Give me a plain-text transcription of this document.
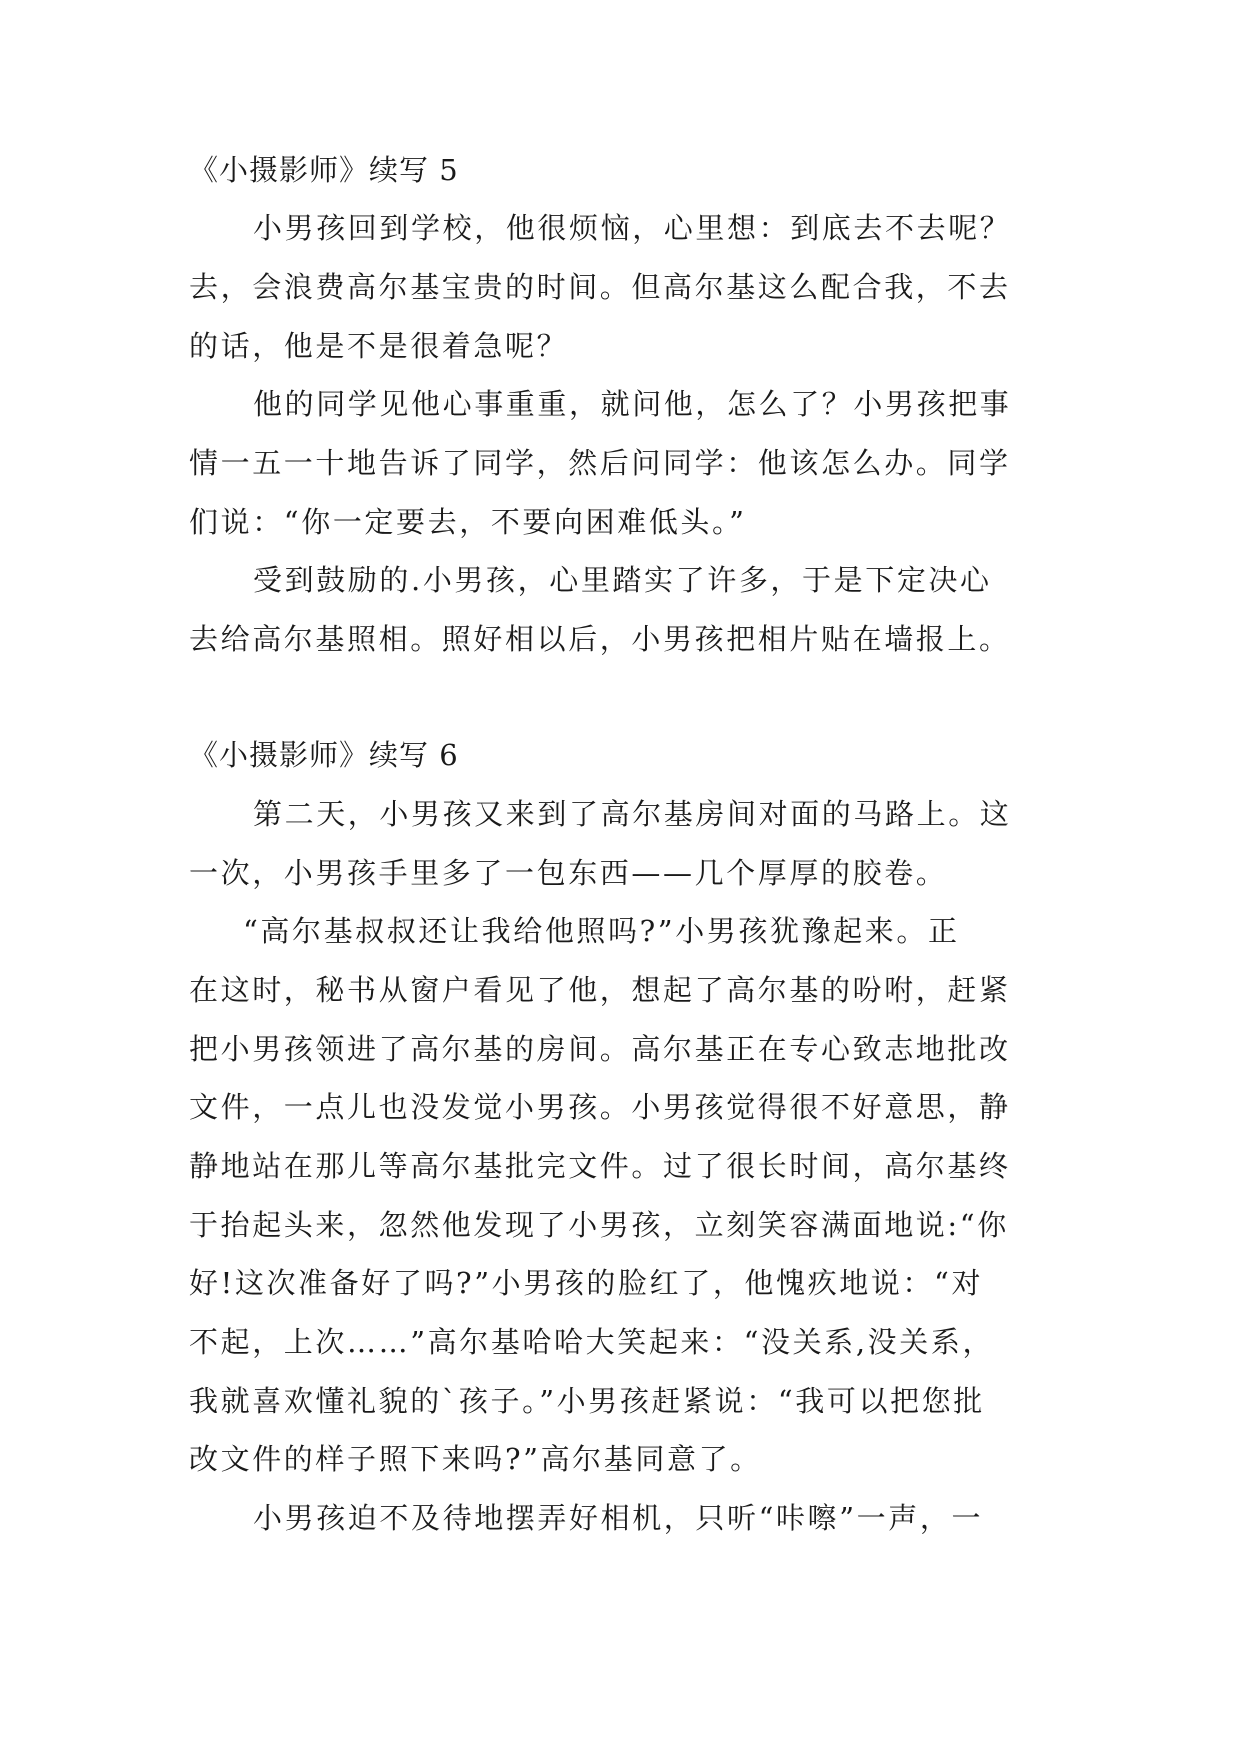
《小摄影师》续写 5
小男孩回到学校，他很烦恼，心里想：到底去不去呢？
去，会浪费高尔基宝贵的时间。但高尔基这么配合我，不去
的话，他是不是很着急呢？
他的同学见他心事重重，就问他，怎么了？小男孩把事
情一五一十地告诉了同学，然后问同学：他该怎么办。同学
们说：“你一定要去，不要向困难低头。”
受到鼓励的.小男孩，心里踏实了许多，于是下定决心
去给高尔基照相。照好相以后，小男孩把相片贴在墙报上。
《小摄影师》续写 6
第二天，小男孩又来到了高尔基房间对面的马路上。这
一次，小男孩手里多了一包东西——几个厚厚的胶卷。
“高尔基叔叔还让我给他照吗?”小男孩犹豫起来。正
在这时，秘书从窗户看见了他，想起了高尔基的吩咐，赶紧
把小男孩领进了高尔基的房间。高尔基正在专心致志地批改
文件，一点儿也没发觉小男孩。小男孩觉得很不好意思，静
静地站在那儿等高尔基批完文件。过了很长时间，高尔基终
于抬起头来，忽然他发现了小男孩，立刻笑容满面地说:“你
好!这次准备好了吗?”小男孩的脸红了，他愧疚地说：“对
不起，上次……”高尔基哈哈大笑起来：“没关系,没关系，
我就喜欢懂礼貌的`孩子。”小男孩赶紧说：“我可以把您批
改文件的样子照下来吗?”高尔基同意了。
小男孩迫不及待地摆弄好相机，只听“咔嚓”一声，一
